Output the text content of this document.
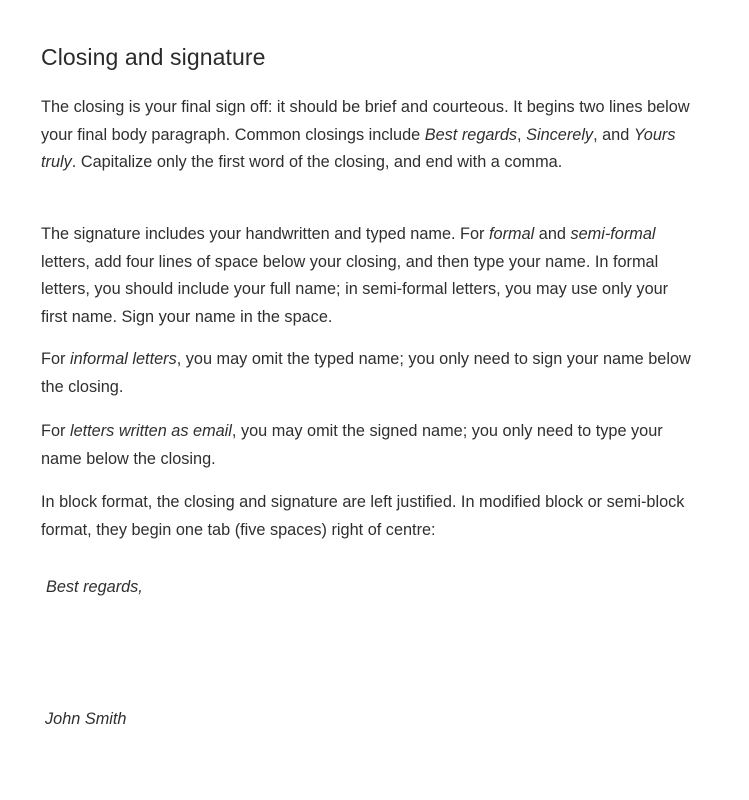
Closing and signature

The closing is your final sign off: it should be brief and courteous. It begins two lines below your final body paragraph. Common closings include Best regards, Sincerely, and Yours truly. Capitalize only the first word of the closing, and end with a comma.

The signature includes your handwritten and typed name. For formal and semi-formal letters, add four lines of space below your closing, and then type your name. In formal letters, you should include your full name; in semi-formal letters, you may use only your first name. Sign your name in the space.

For informal letters, you may omit the typed name; you only need to sign your name below the closing.

For letters written as email, you may omit the signed name; you only need to type your name below the closing.

In block format, the closing and signature are left justified. In modified block or semi-block format, they begin one tab (five spaces) right of centre:

Best regards,

John Smith
